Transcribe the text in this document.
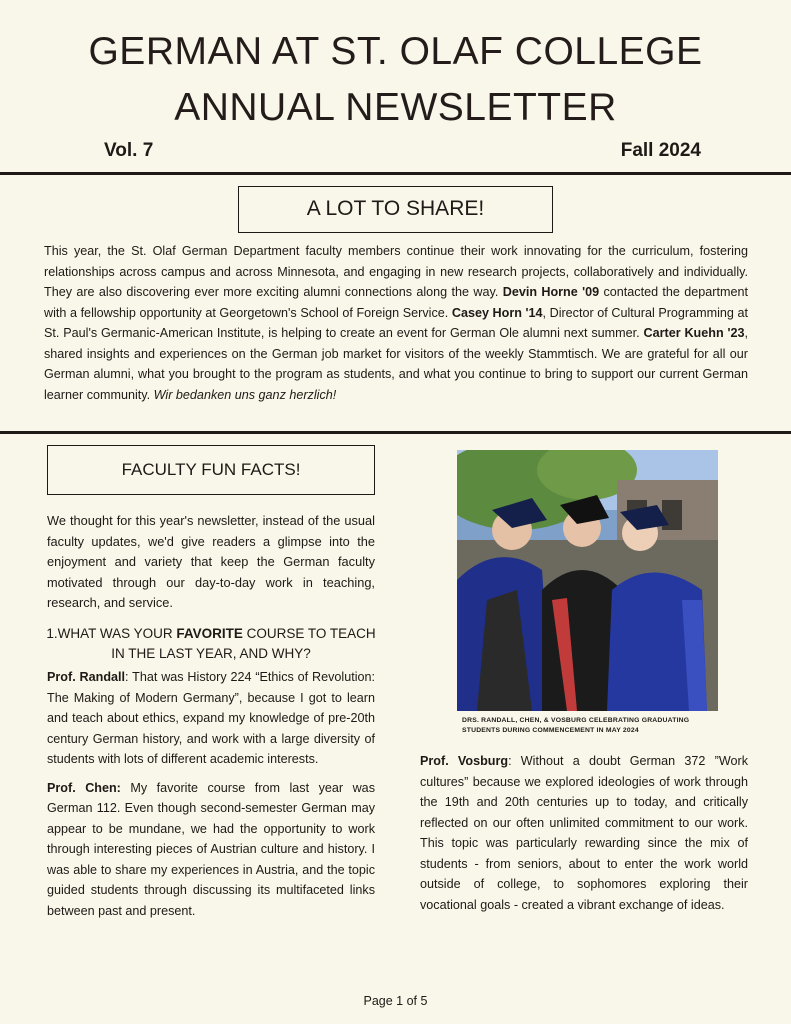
GERMAN AT ST. OLAF COLLEGE
ANNUAL NEWSLETTER
Vol. 7	Fall 2024
A LOT TO SHARE!
This year, the St. Olaf German Department faculty members continue their work innovating for the curriculum, fostering relationships across campus and across Minnesota, and engaging in new research projects, collaboratively and individually. They are also discovering ever more exciting alumni connections along the way. Devin Horne '09 contacted the department with a fellowship opportunity at Georgetown's School of Foreign Service. Casey Horn '14, Director of Cultural Programming at St. Paul's Germanic-American Institute, is helping to create an event for German Ole alumni next summer. Carter Kuehn '23, shared insights and experiences on the German job market for visitors of the weekly Stammtisch. We are grateful for all our German alumni, what you brought to the program as students, and what you continue to bring to support our current German learner community. Wir bedanken uns ganz herzlich!
FACULTY FUN FACTS!
We thought for this year's newsletter, instead of the usual faculty updates, we'd give readers a glimpse into the enjoyment and variety that keep the German faculty motivated through our day-to-day work in teaching, research, and service.
1.WHAT WAS YOUR FAVORITE COURSE TO TEACH IN THE LAST YEAR, AND WHY?

Prof. Randall: That was History 224 “Ethics of Revolution: The Making of Modern Germany”, because I got to learn and teach about ethics, expand my knowledge of pre-20th century German history, and work with a large diversity of students with lots of different academic interests.

Prof. Chen: My favorite course from last year was German 112. Even though second-semester German may appear to be mundane, we had the opportunity to work through interesting pieces of Austrian culture and history. I was able to share my experiences in Austria, and the topic guided students through discussing its multifaceted links between past and present.

DRS. RANDALL, CHEN, & VOSBURG CELEBRATING GRADUATING STUDENTS DURING COMMENCEMENT IN MAY 2024

Prof. Vosburg: Without a doubt German 372 ”Work cultures” because we explored ideologies of work through the 19th and 20th centuries up to today, and critically reflected on our often unlimited commitment to our work. This topic was particularly rewarding since the mix of students - from seniors, about to enter the work world outside of college, to sophomores exploring their vocational goals - created a vibrant exchange of ideas.

Page 1 of 5
